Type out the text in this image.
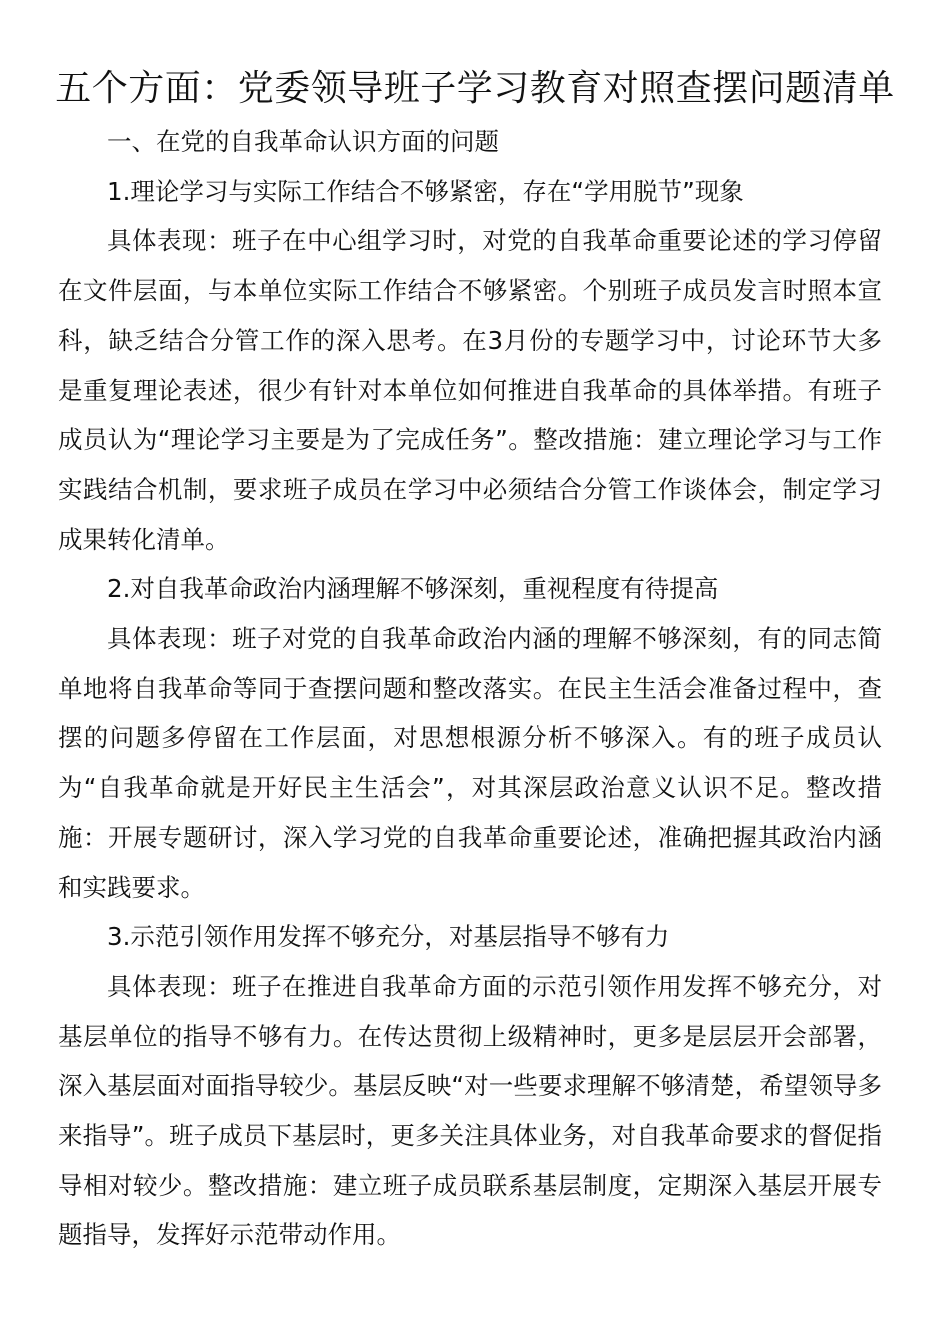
五个方面：党委领导班子学习教育对照查摆问题清单

一、在党的自我革命认识方面的问题

1.理论学习与实际工作结合不够紧密，存在“学用脱节”现象

具体表现：班子在中心组学习时，对党的自我革命重要论述的学习停留在文件层面，与本单位实际工作结合不够紧密。个别班子成员发言时照本宣科，缺乏结合分管工作的深入思考。在3月份的专题学习中，讨论环节大多是重复理论表述，很少有针对本单位如何推进自我革命的具体举措。有班子成员认为“理论学习主要是为了完成任务”。整改措施：建立理论学习与工作实践结合机制，要求班子成员在学习中必须结合分管工作谈体会，制定学习成果转化清单。

2.对自我革命政治内涵理解不够深刻，重视程度有待提高

具体表现：班子对党的自我革命政治内涵的理解不够深刻，有的同志简单地将自我革命等同于查摆问题和整改落实。在民主生活会准备过程中，查摆的问题多停留在工作层面，对思想根源分析不够深入。有的班子成员认为“自我革命就是开好民主生活会”，对其深层政治意义认识不足。整改措施：开展专题研讨，深入学习党的自我革命重要论述，准确把握其政治内涵和实践要求。

3.示范引领作用发挥不够充分，对基层指导不够有力

具体表现：班子在推进自我革命方面的示范引领作用发挥不够充分，对基层单位的指导不够有力。在传达贯彻上级精神时，更多是层层开会部署，深入基层面对面指导较少。基层反映“对一些要求理解不够清楚，希望领导多来指导”。班子成员下基层时，更多关注具体业务，对自我革命要求的督促指导相对较少。整改措施：建立班子成员联系基层制度，定期深入基层开展专题指导，发挥好示范带动作用。
